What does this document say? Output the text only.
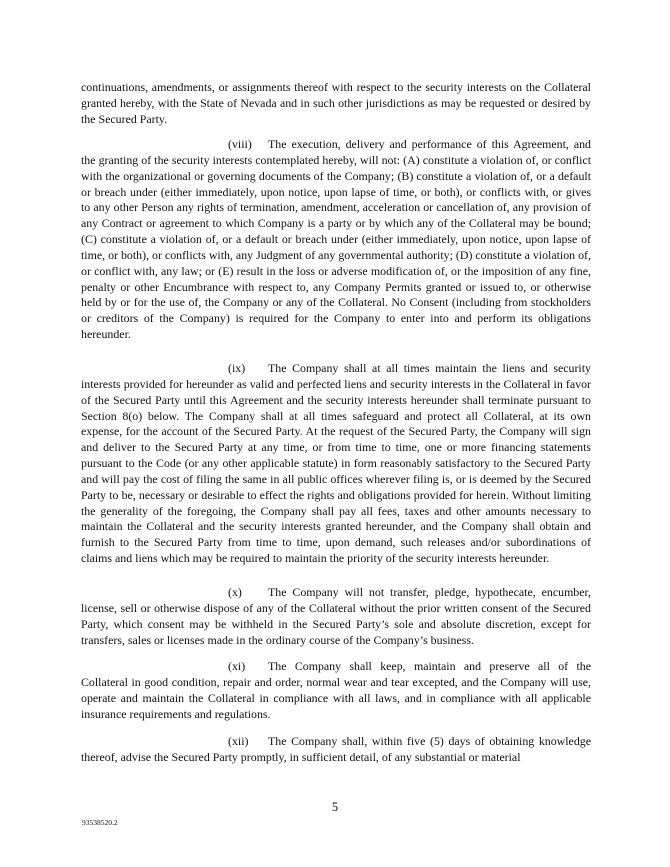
continuations, amendments, or assignments thereof with respect to the security interests on the Collateral granted hereby, with the State of Nevada and in such other jurisdictions as may be requested or desired by the Secured Party.

(viii) The execution, delivery and performance of this Agreement, and the granting of the security interests contemplated hereby, will not: (A) constitute a violation of, or conflict with the organizational or governing documents of the Company; (B) constitute a violation of, or a default or breach under (either immediately, upon notice, upon lapse of time, or both), or conflicts with, or gives to any other Person any rights of termination, amendment, acceleration or cancellation of, any provision of any Contract or agreement to which Company is a party or by which any of the Collateral may be bound; (C) constitute a violation of, or a default or breach under (either immediately, upon notice, upon lapse of time, or both), or conflicts with, any Judgment of any governmental authority; (D) constitute a violation of, or conflict with, any law; or (E) result in the loss or adverse modification of, or the imposition of any fine, penalty or other Encumbrance with respect to, any Company Permits granted or issued to, or otherwise held by or for the use of, the Company or any of the Collateral. No Consent (including from stockholders or creditors of the Company) is required for the Company to enter into and perform its obligations hereunder.

(ix) The Company shall at all times maintain the liens and security interests provided for hereunder as valid and perfected liens and security interests in the Collateral in favor of the Secured Party until this Agreement and the security interests hereunder shall terminate pursuant to Section 8(o) below. The Company shall at all times safeguard and protect all Collateral, at its own expense, for the account of the Secured Party. At the request of the Secured Party, the Company will sign and deliver to the Secured Party at any time, or from time to time, one or more financing statements pursuant to the Code (or any other applicable statute) in form reasonably satisfactory to the Secured Party and will pay the cost of filing the same in all public offices wherever filing is, or is deemed by the Secured Party to be, necessary or desirable to effect the rights and obligations provided for herein. Without limiting the generality of the foregoing, the Company shall pay all fees, taxes and other amounts necessary to maintain the Collateral and the security interests granted hereunder, and the Company shall obtain and furnish to the Secured Party from time to time, upon demand, such releases and/or subordinations of claims and liens which may be required to maintain the priority of the security interests hereunder.

(x) The Company will not transfer, pledge, hypothecate, encumber, license, sell or otherwise dispose of any of the Collateral without the prior written consent of the Secured Party, which consent may be withheld in the Secured Party’s sole and absolute discretion, except for transfers, sales or licenses made in the ordinary course of the Company’s business.

(xi) The Company shall keep, maintain and preserve all of the Collateral in good condition, repair and order, normal wear and tear excepted, and the Company will use, operate and maintain the Collateral in compliance with all laws, and in compliance with all applicable insurance requirements and regulations.

(xii) The Company shall, within five (5) days of obtaining knowledge thereof, advise the Secured Party promptly, in sufficient detail, of any substantial or material

5
93538520.2
